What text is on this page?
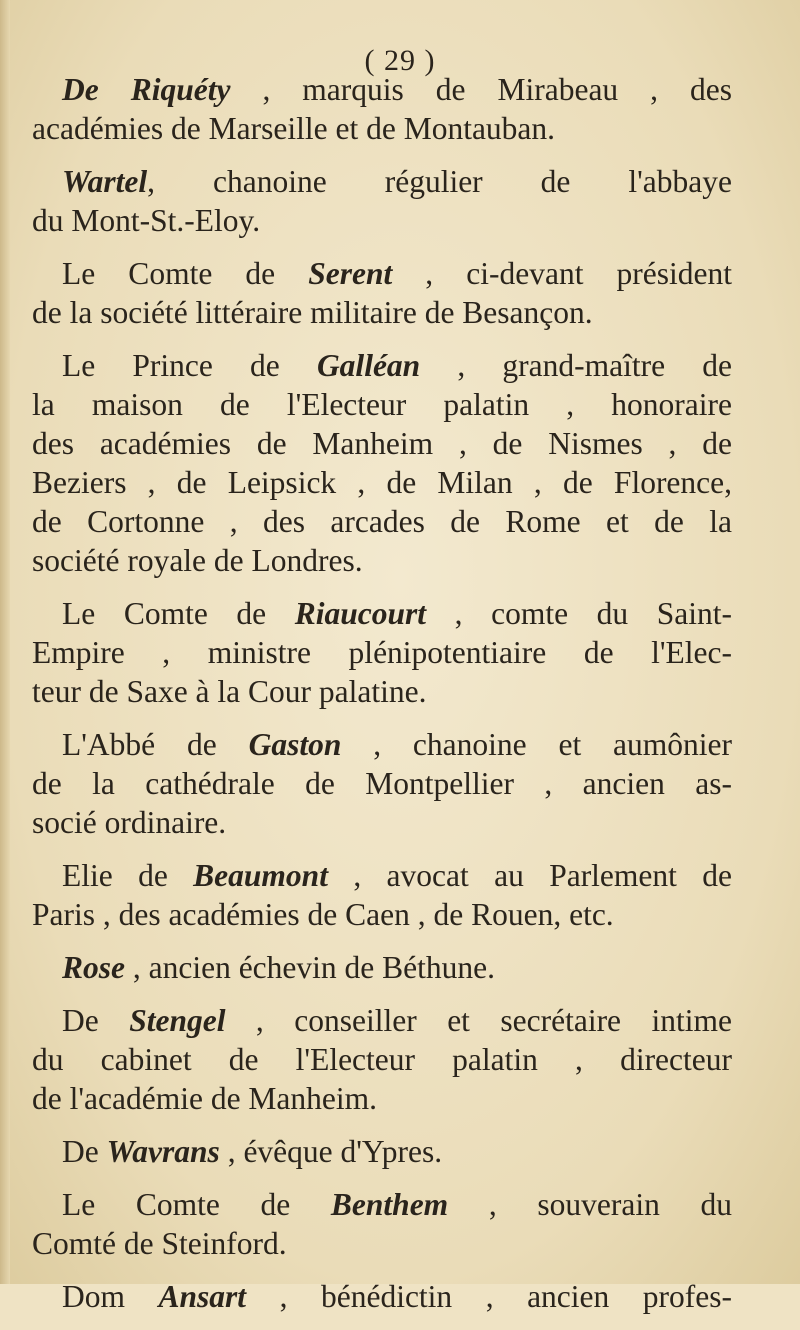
( 29 )

De Riquéty , marquis de Mirabeau , des
académies de Marseille et de Montauban.

Wartel, chanoine régulier de l'abbaye
du Mont-St.-Eloy.

Le Comte de Serent , ci-devant président
de la société littéraire militaire de Besançon.

Le Prince de Galléan , grand-maître de
la maison de l'Electeur palatin , honoraire
des académies de Manheim , de Nismes , de
Beziers , de Leipsick , de Milan , de Florence,
de Cortonne , des arcades de Rome et de la
société royale de Londres.

Le Comte de Riaucourt , comte du Saint-
Empire , ministre plénipotentiaire de l'Elec-
teur de Saxe à la Cour palatine.

L'Abbé de Gaston , chanoine et aumônier
de la cathédrale de Montpellier , ancien as-
socié ordinaire.

Elie de Beaumont , avocat au Parlement de
Paris , des académies de Caen , de Rouen, etc.

Rose , ancien échevin de Béthune.

De Stengel , conseiller et secrétaire intime
du cabinet de l'Electeur palatin , directeur
de l'académie de Manheim.

De Wavrans , évêque d'Ypres.

Le Comte de Benthem , souverain du
Comté de Steinford.

Dom Ansart , bénédictin , ancien profes-
